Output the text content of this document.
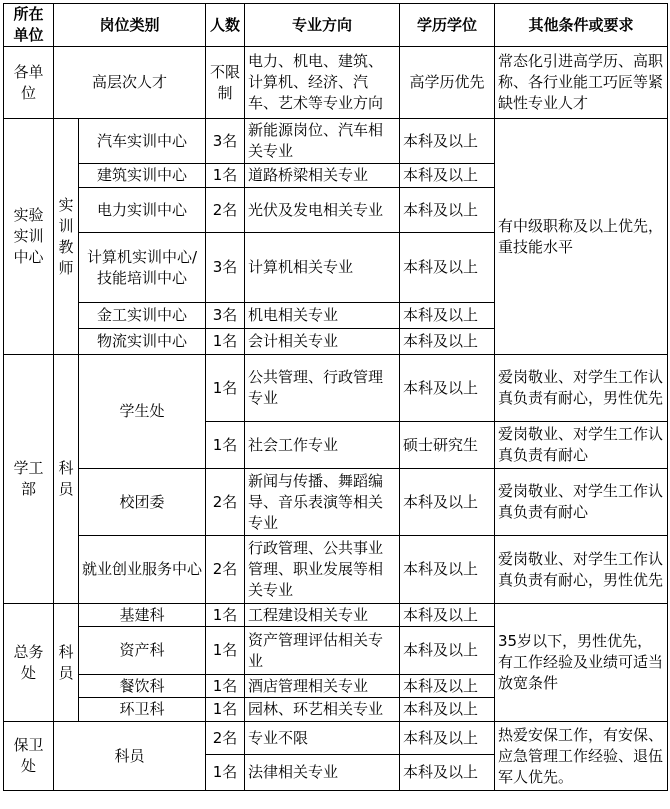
所在单位	岗位类别		人数	专业方向	学历学位	其他条件或要求
各单位	高层次人才		不限制	电力、机电、建筑、计算机、经济、汽车、艺术等专业方向	高学历优先	常态化引进高学历、高职称、各行业能工巧匠等紧缺性专业人才
实验实训中心	实训教师	汽车实训中心	3名	新能源岗位、汽车相关专业	本科及以上	有中级职称及以上优先，重技能水平
		建筑实训中心	1名	道路桥梁相关专业	本科及以上	
		电力实训中心	2名	光伏及发电相关专业	本科及以上	
		计算机实训中心/技能培训中心	3名	计算机相关专业	本科及以上	
		金工实训中心	3名	机电相关专业	本科及以上	
		物流实训中心	1名	会计相关专业	本科及以上	
学工部	科员	学生处	1名	公共管理、行政管理专业	本科及以上	爱岗敬业、对学生工作认真负责有耐心，男性优先
			1名	社会工作专业	硕士研究生	爱岗敬业、对学生工作认真负责有耐心
		校团委	2名	新闻与传播、舞蹈编导、音乐表演等相关专业	本科及以上	爱岗敬业、对学生工作认真负责有耐心
		就业创业服务中心	2名	行政管理、公共事业管理、职业发展等相关专业	本科及以上	爱岗敬业、对学生工作认真负责有耐心，男性优先
总务处	科员	基建科	1名	工程建设相关专业	本科及以上	35岁以下，男性优先，有工作经验及业绩可适当放宽条件
		资产科	1名	资产管理评估相关专业	本科及以上	
		餐饮科	1名	酒店管理相关专业	本科及以上	
		环卫科	1名	园林、环艺相关专业	本科及以上	
保卫处	科员		2名	专业不限	本科及以上	热爱安保工作，有安保、应急管理工作经验、退伍军人优先。
			1名	法律相关专业	本科及以上	
